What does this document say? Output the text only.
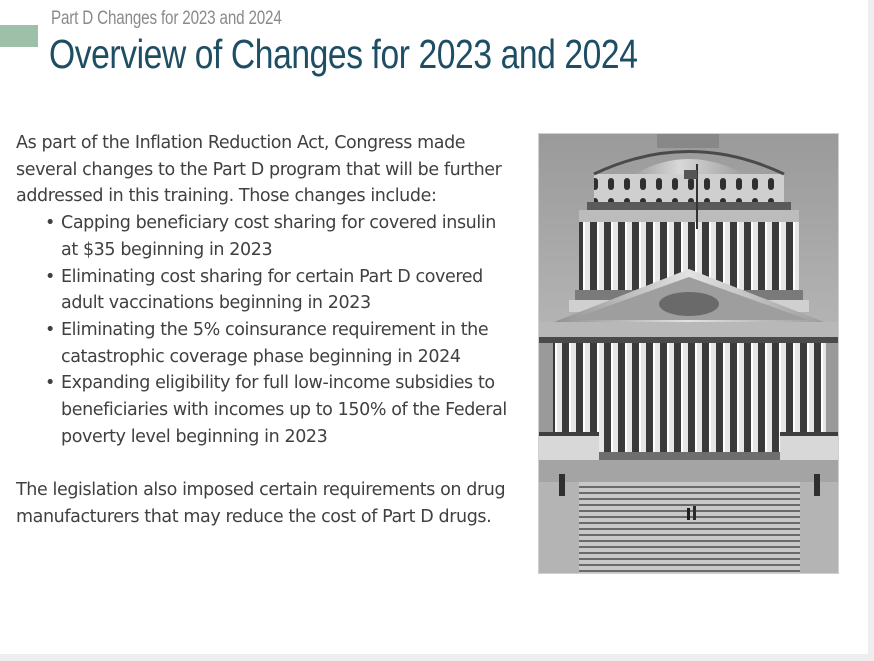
Part D Changes for 2023 and 2024
Overview of Changes for 2023 and 2024

As part of the Inflation Reduction Act, Congress made several changes to the Part D program that will be further addressed in this training. Those changes include:

• Capping beneficiary cost sharing for covered insulin at $35 beginning in 2023
• Eliminating cost sharing for certain Part D covered adult vaccinations beginning in 2023
• Eliminating the 5% coinsurance requirement in the catastrophic coverage phase beginning in 2024
• Expanding eligibility for full low-income subsidies to beneficiaries with incomes up to 150% of the Federal poverty level beginning in 2023

The legislation also imposed certain requirements on drug manufacturers that may reduce the cost of Part D drugs.
